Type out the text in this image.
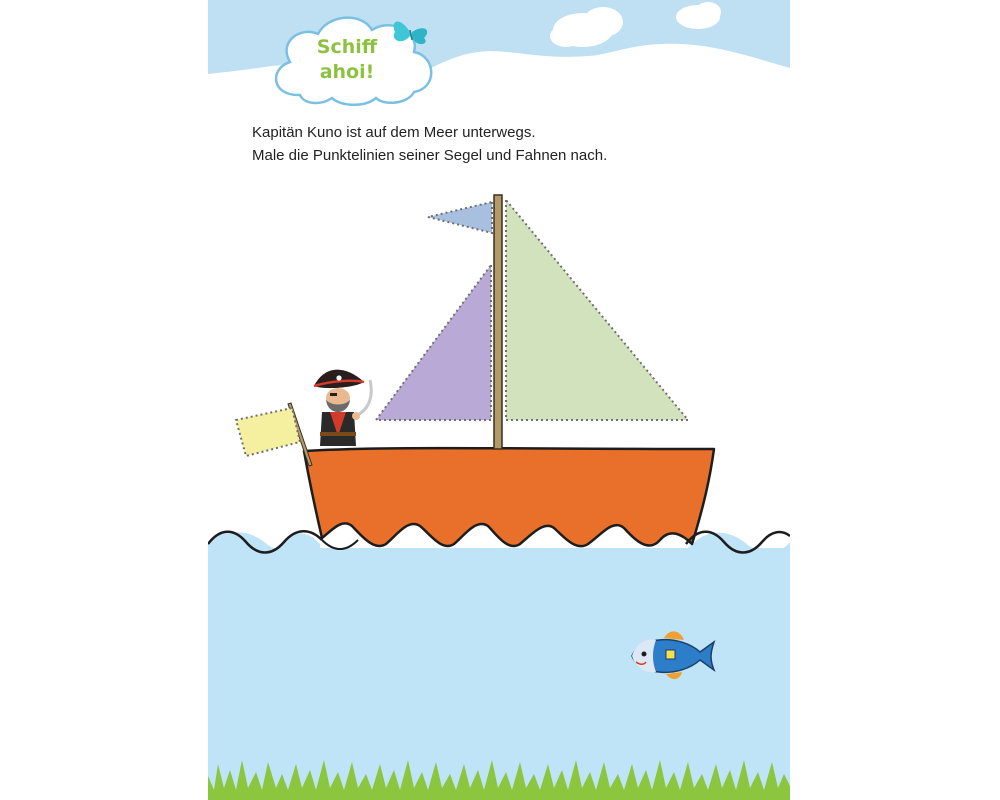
Schiff
ahoi!
Kapitän Kuno ist auf dem Meer unterwegs.
Male die Punktelinien seiner Segel und Fahnen nach.
